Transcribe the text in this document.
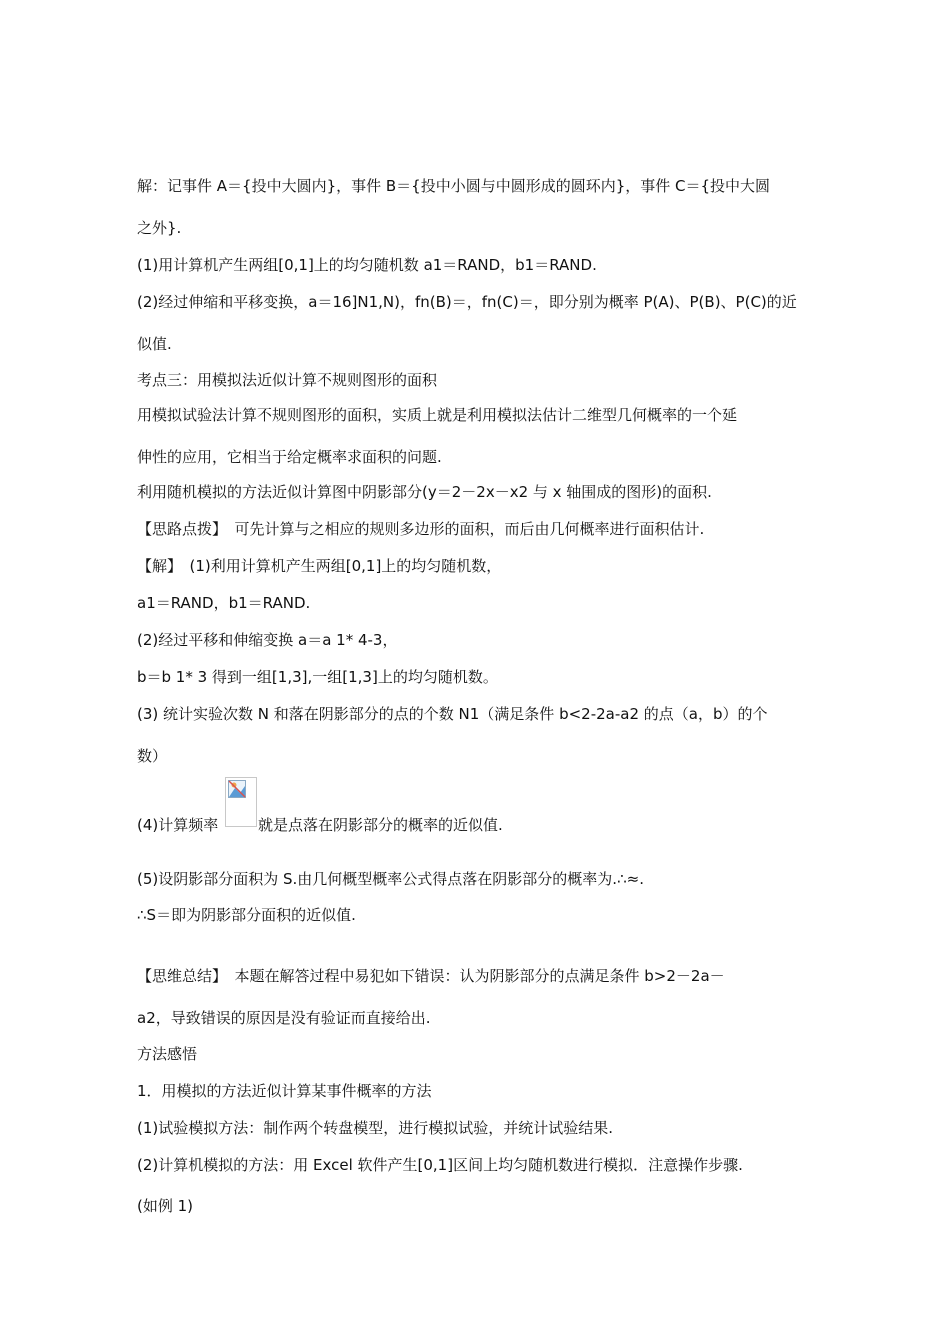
解：记事件 A＝{投中大圆内}，事件 B＝{投中小圆与中圆形成的圆环内}，事件 C＝{投中大圆
之外}.
(1)用计算机产生两组[0,1]上的均匀随机数 a1＝RAND，b1＝RAND.
(2)经过伸缩和平移变换，a＝16]N1,N)，fn(B)＝，fn(C)＝，即分别为概率 P(A)、P(B)、P(C)的近
似值.
考点三：用模拟法近似计算不规则图形的面积
用模拟试验法计算不规则图形的面积，实质上就是利用模拟法估计二维型几何概率的一个延
伸性的应用，它相当于给定概率求面积的问题.
利用随机模拟的方法近似计算图中阴影部分(y＝2－2x－x2 与 x 轴围成的图形)的面积.
【思路点拨】　可先计算与之相应的规则多边形的面积，而后由几何概率进行面积估计.
【解】　(1)利用计算机产生两组[0,1]上的均匀随机数，
a1＝RAND，b1＝RAND.
(2)经过平移和伸缩变换 a＝a 1* 4-3，
b＝b 1* 3 得到一组[1,3],一组[1,3]上的均匀随机数。
(3) 统计实验次数 N 和落在阴影部分的点的个数 N1（满足条件 b<2-2a-a2 的点（a，b）的个
数）
(4)计算频率	就是点落在阴影部分的概率的近似值.
(5)设阴影部分面积为 S.由几何概型概率公式得点落在阴影部分的概率为.∴≈.
∴S＝即为阴影部分面积的近似值.
【思维总结】　本题在解答过程中易犯如下错误：认为阴影部分的点满足条件 b>2－2a－
a2，导致错误的原因是没有验证而直接给出.
方法感悟
1．用模拟的方法近似计算某事件概率的方法
(1)试验模拟方法：制作两个转盘模型，进行模拟试验，并统计试验结果.
(2)计算机模拟的方法：用 Excel 软件产生[0,1]区间上均匀随机数进行模拟．注意操作步骤.
(如例 1)
